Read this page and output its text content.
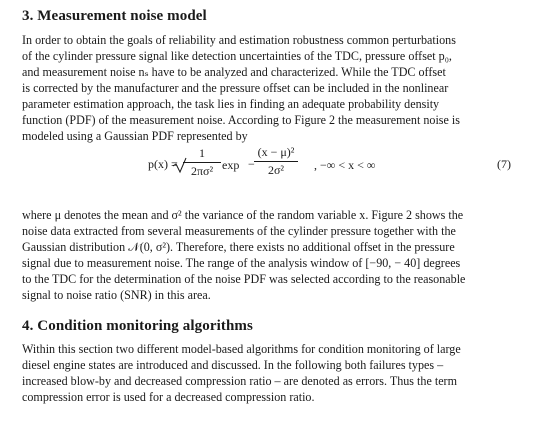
3. Measurement noise model
In order to obtain the goals of reliability and estimation robustness common perturbations
of the cylinder pressure signal like detection uncertainties of the TDC, pressure offset p₀,
and measurement noise nₛ have to be analyzed and characterized. While the TDC offset
is corrected by the manufacturer and the pressure offset can be included in the nonlinear
parameter estimation approach, the task lies in finding an adequate probability density
function (PDF) of the measurement noise. According to Figure 2 the measurement noise is
modeled using a Gaussian PDF represented by
p(x) =
1
2πσ² exp −
(x − μ)²
2σ²	, −∞ < x < ∞	(7)
where μ denotes the mean and σ² the variance of the random variable x. Figure 2 shows the
noise data extracted from several measurements of the cylinder pressure together with the
Gaussian distribution 𝒩(0, σ²). Therefore, there exists no additional offset in the pressure
signal due to measurement noise. The range of the analysis window of [−90, − 40] degrees
to the TDC for the determination of the noise PDF was selected according to the reasonable
signal to noise ratio (SNR) in this area.
4. Condition monitoring algorithms
Within this section two different model-based algorithms for condition monitoring of large
diesel engine states are introduced and discussed. In the following both failures types –
increased blow-by and decreased compression ratio – are denoted as errors. Thus the term
compression error is used for a decreased compression ratio.
